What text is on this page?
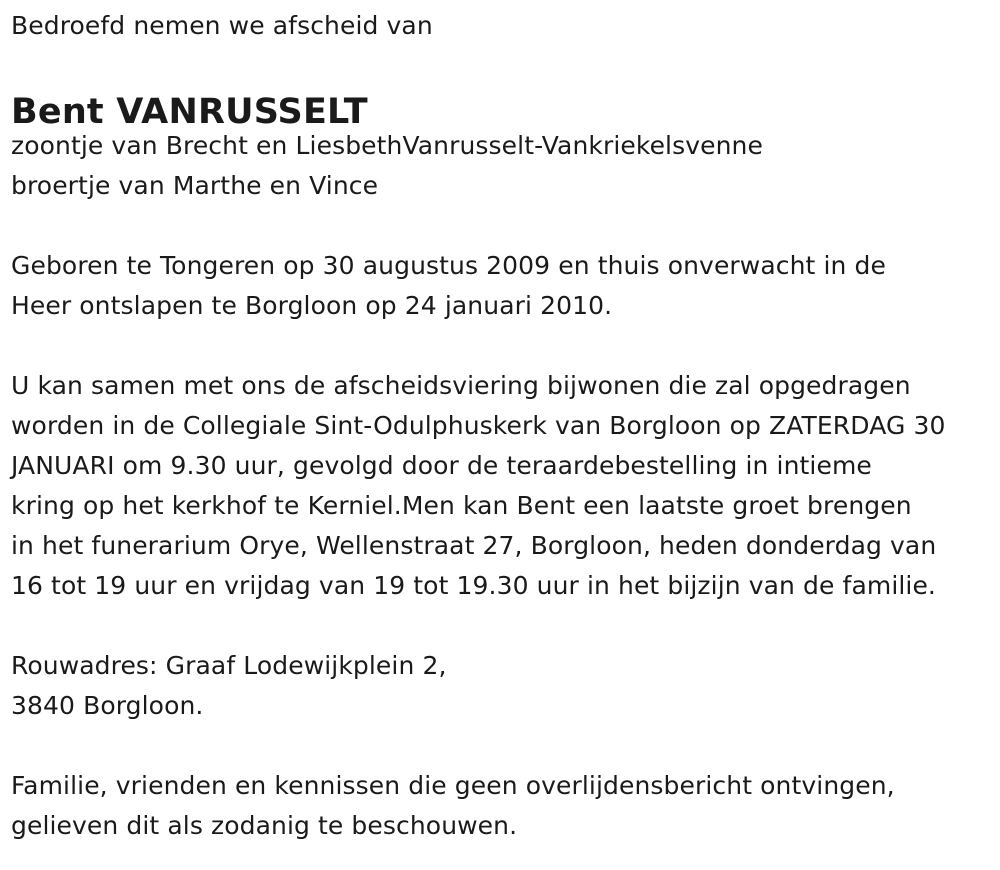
Bedroefd nemen we afscheid van
Bent VANRUSSELT
zoontje van Brecht en LiesbethVanrusselt-Vankriekelsvenne
broertje van Marthe en Vince
Geboren te Tongeren op 30 augustus 2009 en thuis onverwacht in de
Heer ontslapen te Borgloon op 24 januari 2010.
U kan samen met ons de afscheidsviering bijwonen die zal opgedragen
worden in de Collegiale Sint-Odulphuskerk van Borgloon op ZATERDAG 30
JANUARI om 9.30 uur, gevolgd door de teraardebestelling in intieme
kring op het kerkhof te Kerniel.Men kan Bent een laatste groet brengen
in het funerarium Orye, Wellenstraat 27, Borgloon, heden donderdag van
16 tot 19 uur en vrijdag van 19 tot 19.30 uur in het bijzijn van de familie.
Rouwadres: Graaf Lodewijkplein 2,
3840 Borgloon.
Familie, vrienden en kennissen die geen overlijdensbericht ontvingen,
gelieven dit als zodanig te beschouwen.
